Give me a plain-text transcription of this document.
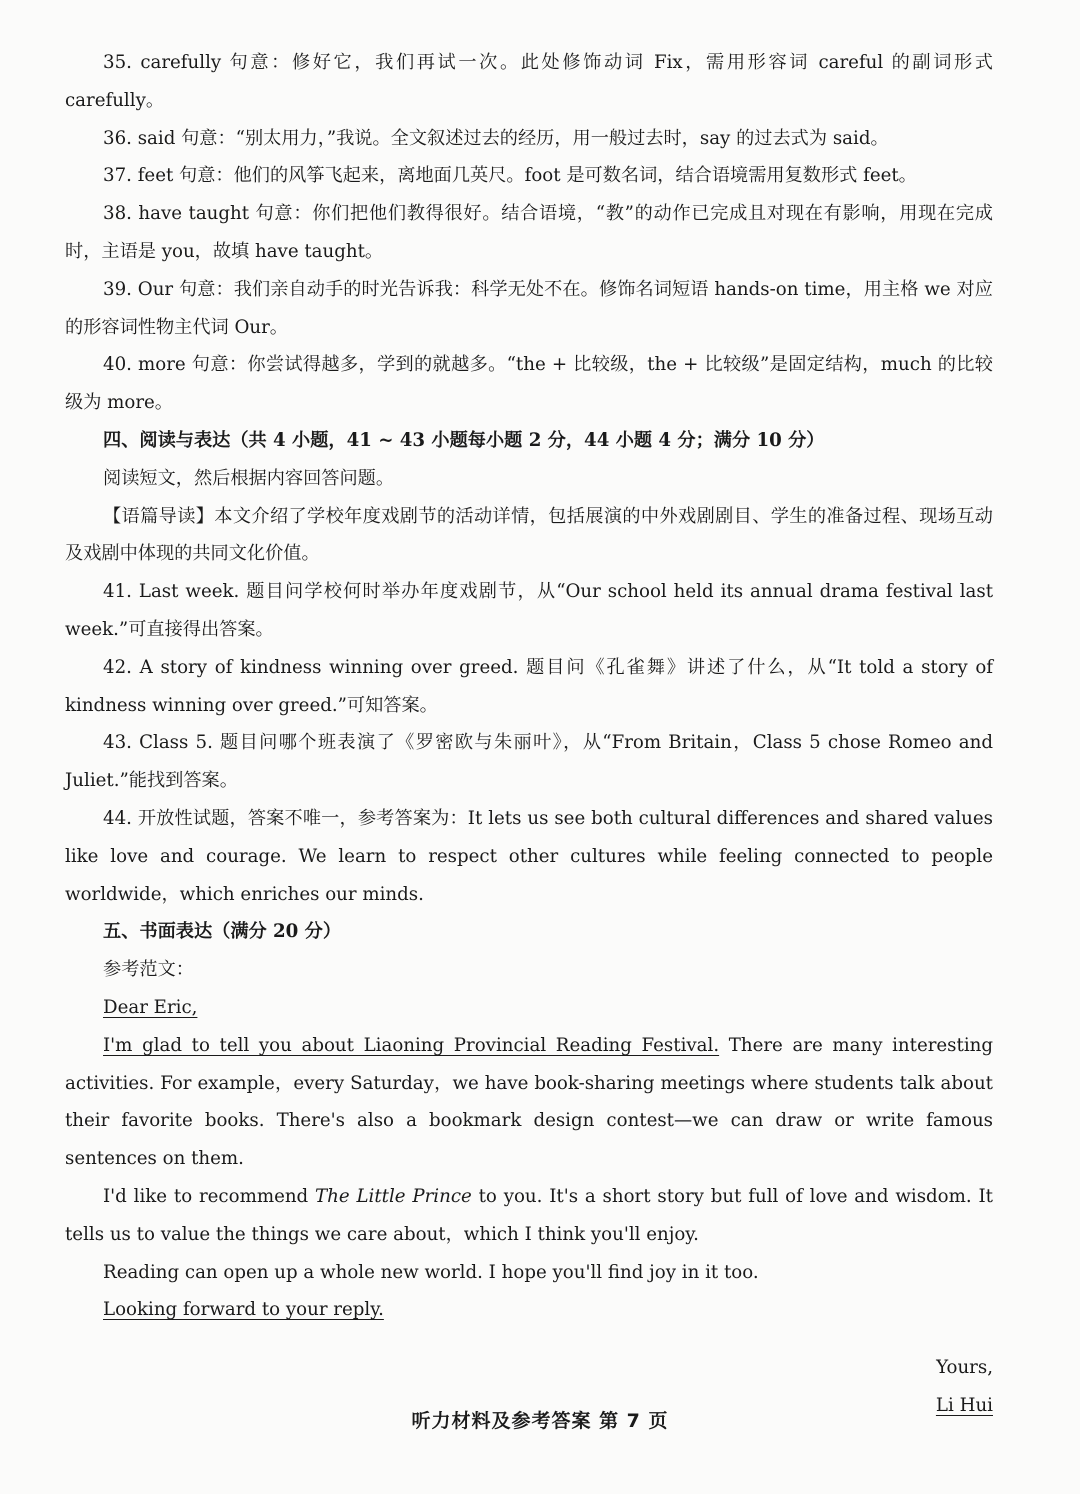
35. carefully 句意：修好它，我们再试一次。此处修饰动词 Fix，需用形容词 careful 的副词形式 carefully。

36. said 句意：“别太用力，”我说。全文叙述过去的经历，用一般过去时，say 的过去式为 said。

37. feet 句意：他们的风筝飞起来，离地面几英尺。foot 是可数名词，结合语境需用复数形式 feet。

38. have taught 句意：你们把他们教得很好。结合语境，“教”的动作已完成且对现在有影响，用现在完成时，主语是 you，故填 have taught。

39. Our 句意：我们亲自动手的时光告诉我：科学无处不在。修饰名词短语 hands-on time，用主格 we 对应的形容词性物主代词 Our。

40. more 句意：你尝试得越多，学到的就越多。“the + 比较级，the + 比较级”是固定结构，much 的比较级为 more。

四、阅读与表达（共 4 小题，41 ~ 43 小题每小题 2 分，44 小题 4 分；满分 10 分）

阅读短文，然后根据内容回答问题。

【语篇导读】本文介绍了学校年度戏剧节的活动详情，包括展演的中外戏剧剧目、学生的准备过程、现场互动及戏剧中体现的共同文化价值。

41. Last week. 题目问学校何时举办年度戏剧节，从“Our school held its annual drama festival last week.”可直接得出答案。

42. A story of kindness winning over greed. 题目问《孔雀舞》讲述了什么，从“It told a story of kindness winning over greed.”可知答案。

43. Class 5. 题目问哪个班表演了《罗密欧与朱丽叶》，从“From Britain，Class 5 chose Romeo and Juliet.”能找到答案。

44. 开放性试题，答案不唯一，参考答案为：It lets us see both cultural differences and shared values like love and courage. We learn to respect other cultures while feeling connected to people worldwide，which enriches our minds.

五、书面表达（满分 20 分）

参考范文：

Dear Eric,

I'm glad to tell you about Liaoning Provincial Reading Festival. There are many interesting activities. For example，every Saturday，we have book-sharing meetings where students talk about their favorite books. There's also a bookmark design contest—we can draw or write famous sentences on them.

I'd like to recommend The Little Prince to you. It's a short story but full of love and wisdom. It tells us to value the things we care about，which I think you'll enjoy.

Reading can open up a whole new world. I hope you'll find joy in it too.

Looking forward to your reply.

Yours,

Li Hui

听力材料及参考答案 第 7 页
